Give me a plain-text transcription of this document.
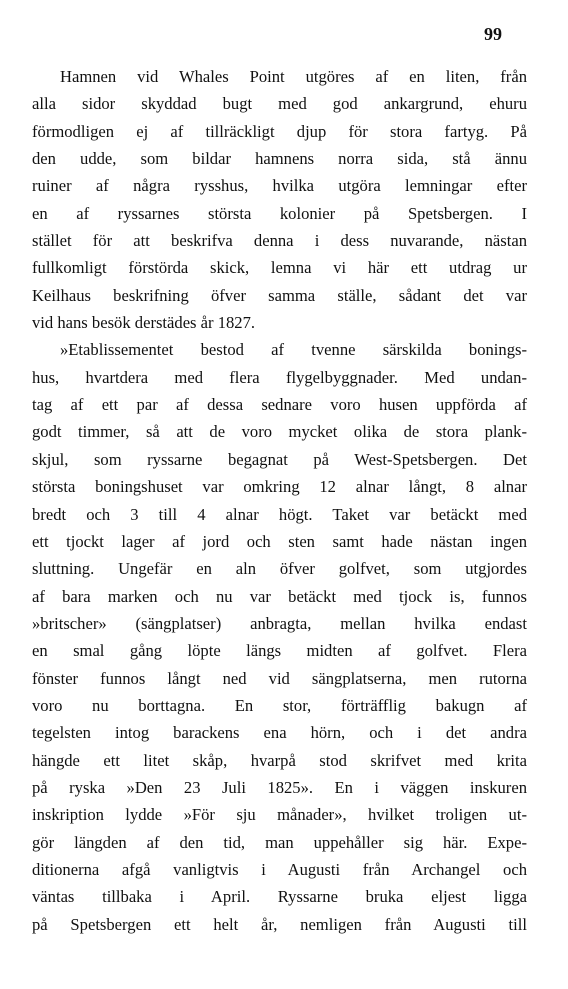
99
Hamnen vid Whales Point utgöres af en liten, från
alla sidor skyddad bugt med god ankargrund, ehuru
förmodligen ej af tillräckligt djup för stora fartyg. På
den udde, som bildar hamnens norra sida, stå ännu
ruiner af några rysshus, hvilka utgöra lemningar efter
en af ryssarnes största kolonier på Spetsbergen. I
stället för att beskrifva denna i dess nuvarande, nästan
fullkomligt förstörda skick, lemna vi här ett utdrag ur
Keilhaus beskrifning öfver samma ställe, sådant det var
vid hans besök derstädes år 1827.
»Etablissementet bestod af tvenne särskilda bonings-
hus, hvartdera med flera flygelbyggnader. Med undan-
tag af ett par af dessa sednare voro husen uppförda af
godt timmer, så att de voro mycket olika de stora plank-
skjul, som ryssarne begagnat på West-Spetsbergen. Det
största boningshuset var omkring 12 alnar långt, 8 alnar
bredt och 3 till 4 alnar högt. Taket var betäckt med
ett tjockt lager af jord och sten samt hade nästan ingen
sluttning. Ungefär en aln öfver golfvet, som utgjordes
af bara marken och nu var betäckt med tjock is, funnos
»britscher» (sängplatser) anbragta, mellan hvilka endast
en smal gång löpte längs midten af golfvet. Flera
fönster funnos långt ned vid sängplatserna, men rutorna
voro nu borttagna. En stor, förträfflig bakugn af
tegelsten intog barackens ena hörn, och i det andra
hängde ett litet skåp, hvarpå stod skrifvet med krita
på ryska »Den 23 Juli 1825». En i väggen inskuren
inskription lydde »För sju månader», hvilket troligen ut-
gör längden af den tid, man uppehåller sig här. Expe-
ditionerna afgå vanligtvis i Augusti från Archangel och
väntas tillbaka i April. Ryssarne bruka eljest ligga
på Spetsbergen ett helt år, nemligen från Augusti till
